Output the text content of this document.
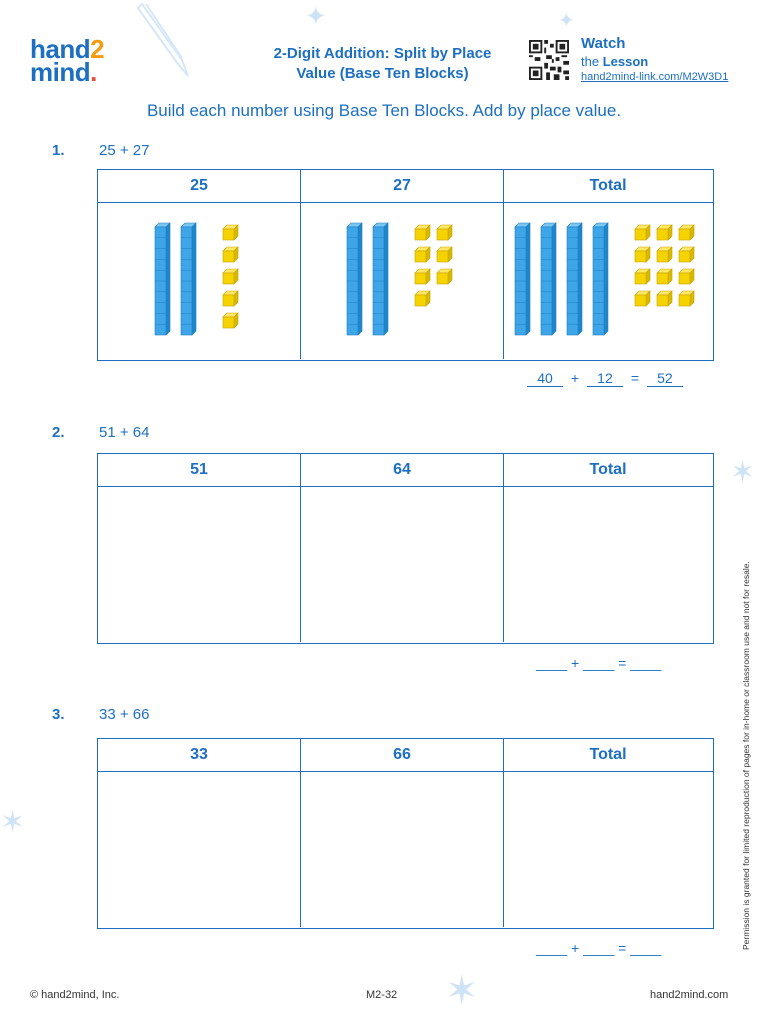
✦	✦
✶
✶
✶
hand2
mind.
2-Digit Addition: Split by Place
Value (Base Ten Blocks)
Watch
the Lesson
hand2mind-link.com/M2W3D1
Build each number using Base Ten Blocks. Add by place value.
1. 25 + 27
25	27	Total
40 + 12 = 52
2. 51 + 64
51	64	Total
____ + ____ = ____
3. 33 + 66
33	66	Total
____ + ____ = ____
© hand2mind, Inc.	M2-32	hand2mind.com
Permission is granted for limited reproduction of pages for in-home or classroom use and not for resale.
